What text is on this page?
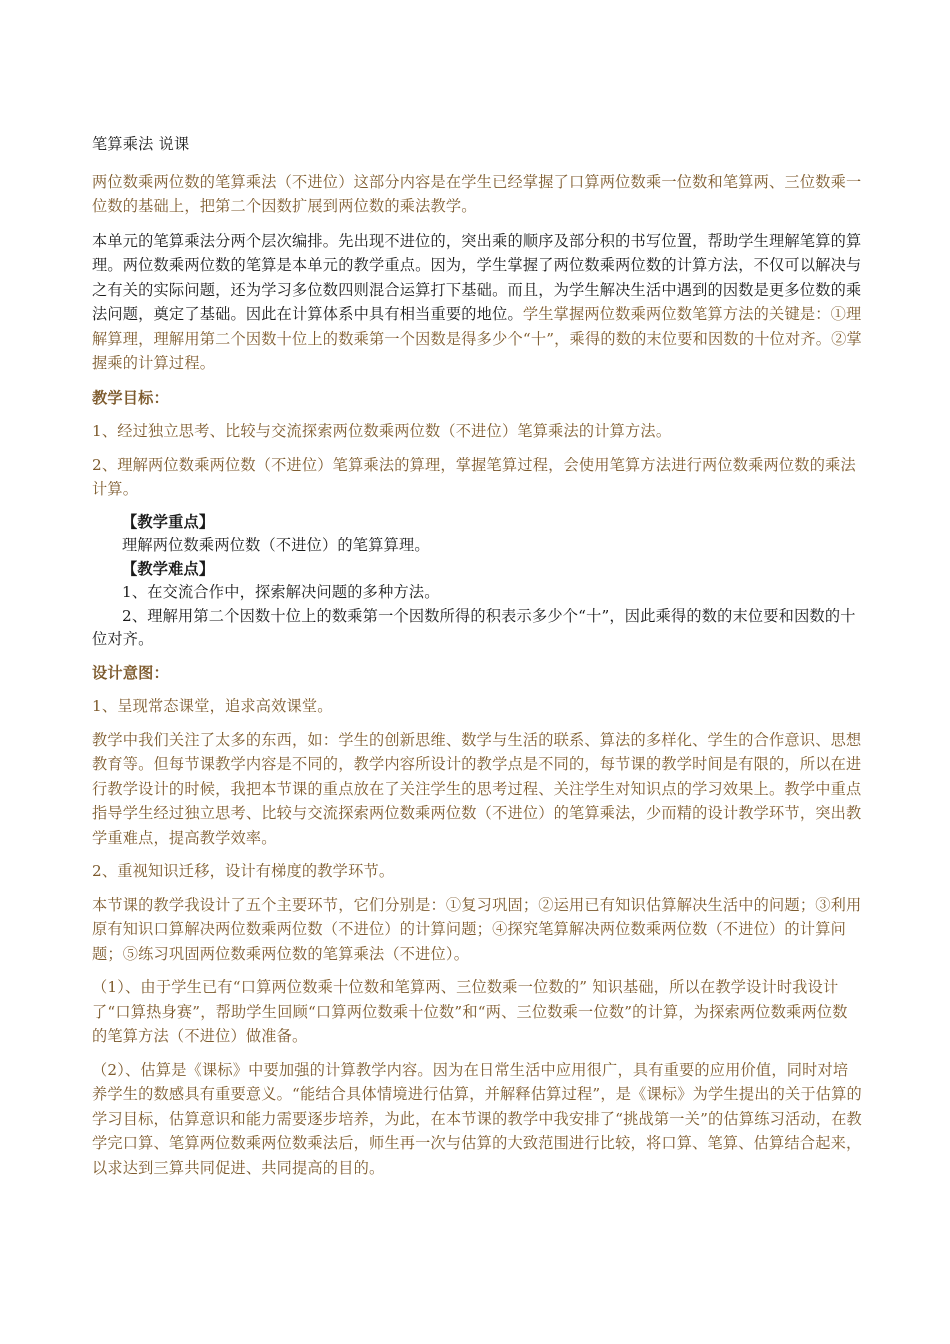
笔算乘法 说课

两位数乘两位数的笔算乘法（不进位）这部分内容是在学生已经掌握了口算两位数乘一位数和笔算两、三位数乘一位数的基础上，把第二个因数扩展到两位数的乘法教学。

本单元的笔算乘法分两个层次编排。先出现不进位的，突出乘的顺序及部分积的书写位置，帮助学生理解笔算的算理。两位数乘两位数的笔算是本单元的教学重点。因为，学生掌握了两位数乘两位数的计算方法，不仅可以解决与之有关的实际问题，还为学习多位数四则混合运算打下基础。而且，为学生解决生活中遇到的因数是更多位数的乘法问题，奠定了基础。因此在计算体系中具有相当重要的地位。学生掌握两位数乘两位数笔算方法的关键是：①理解算理，理解用第二个因数十位上的数乘第一个因数是得多少个“十”，乘得的数的末位要和因数的十位对齐。②掌握乘的计算过程。

教学目标：

1、经过独立思考、比较与交流探索两位数乘两位数（不进位）笔算乘法的计算方法。

2、理解两位数乘两位数（不进位）笔算乘法的算理，掌握笔算过程，会使用笔算方法进行两位数乘两位数的乘法计算。

【教学重点】

理解两位数乘两位数（不进位）的笔算算理。

【教学难点】

1、在交流合作中，探索解决问题的多种方法。

2、理解用第二个因数十位上的数乘第一个因数所得的积表示多少个“十”，因此乘得的数的末位要和因数的十位对齐。

设计意图：

1、呈现常态课堂，追求高效课堂。

教学中我们关注了太多的东西，如：学生的创新思维、数学与生活的联系、算法的多样化、学生的合作意识、思想教育等。但每节课教学内容是不同的，教学内容所设计的教学点是不同的，每节课的教学时间是有限的，所以在进行教学设计的时候，我把本节课的重点放在了关注学生的思考过程、关注学生对知识点的学习效果上。教学中重点指导学生经过独立思考、比较与交流探索两位数乘两位数（不进位）的笔算乘法，少而精的设计教学环节，突出教学重难点，提高教学效率。

2、重视知识迁移，设计有梯度的教学环节。

本节课的教学我设计了五个主要环节，它们分别是：①复习巩固；②运用已有知识估算解决生活中的问题；③利用原有知识口算解决两位数乘两位数（不进位）的计算问题；④探究笔算解决两位数乘两位数（不进位）的计算问题；⑤练习巩固两位数乘两位数的笔算乘法（不进位）。

（1）、由于学生已有“口算两位数乘十位数和笔算两、三位数乘一位数的” 知识基础，所以在教学设计时我设计了“口算热身赛”，帮助学生回顾“口算两位数乘十位数”和“两、三位数乘一位数”的计算，为探索两位数乘两位数的笔算方法（不进位）做准备。

（2）、估算是《课标》中要加强的计算教学内容。因为在日常生活中应用很广，具有重要的应用价值，同时对培养学生的数感具有重要意义。“能结合具体情境进行估算，并解释估算过程”，是《课标》为学生提出的关于估算的学习目标，估算意识和能力需要逐步培养，为此，在本节课的教学中我安排了“挑战第一关”的估算练习活动，在教学完口算、笔算两位数乘两位数乘法后，师生再一次与估算的大致范围进行比较，将口算、笔算、估算结合起来，以求达到三算共同促进、共同提高的目的。
